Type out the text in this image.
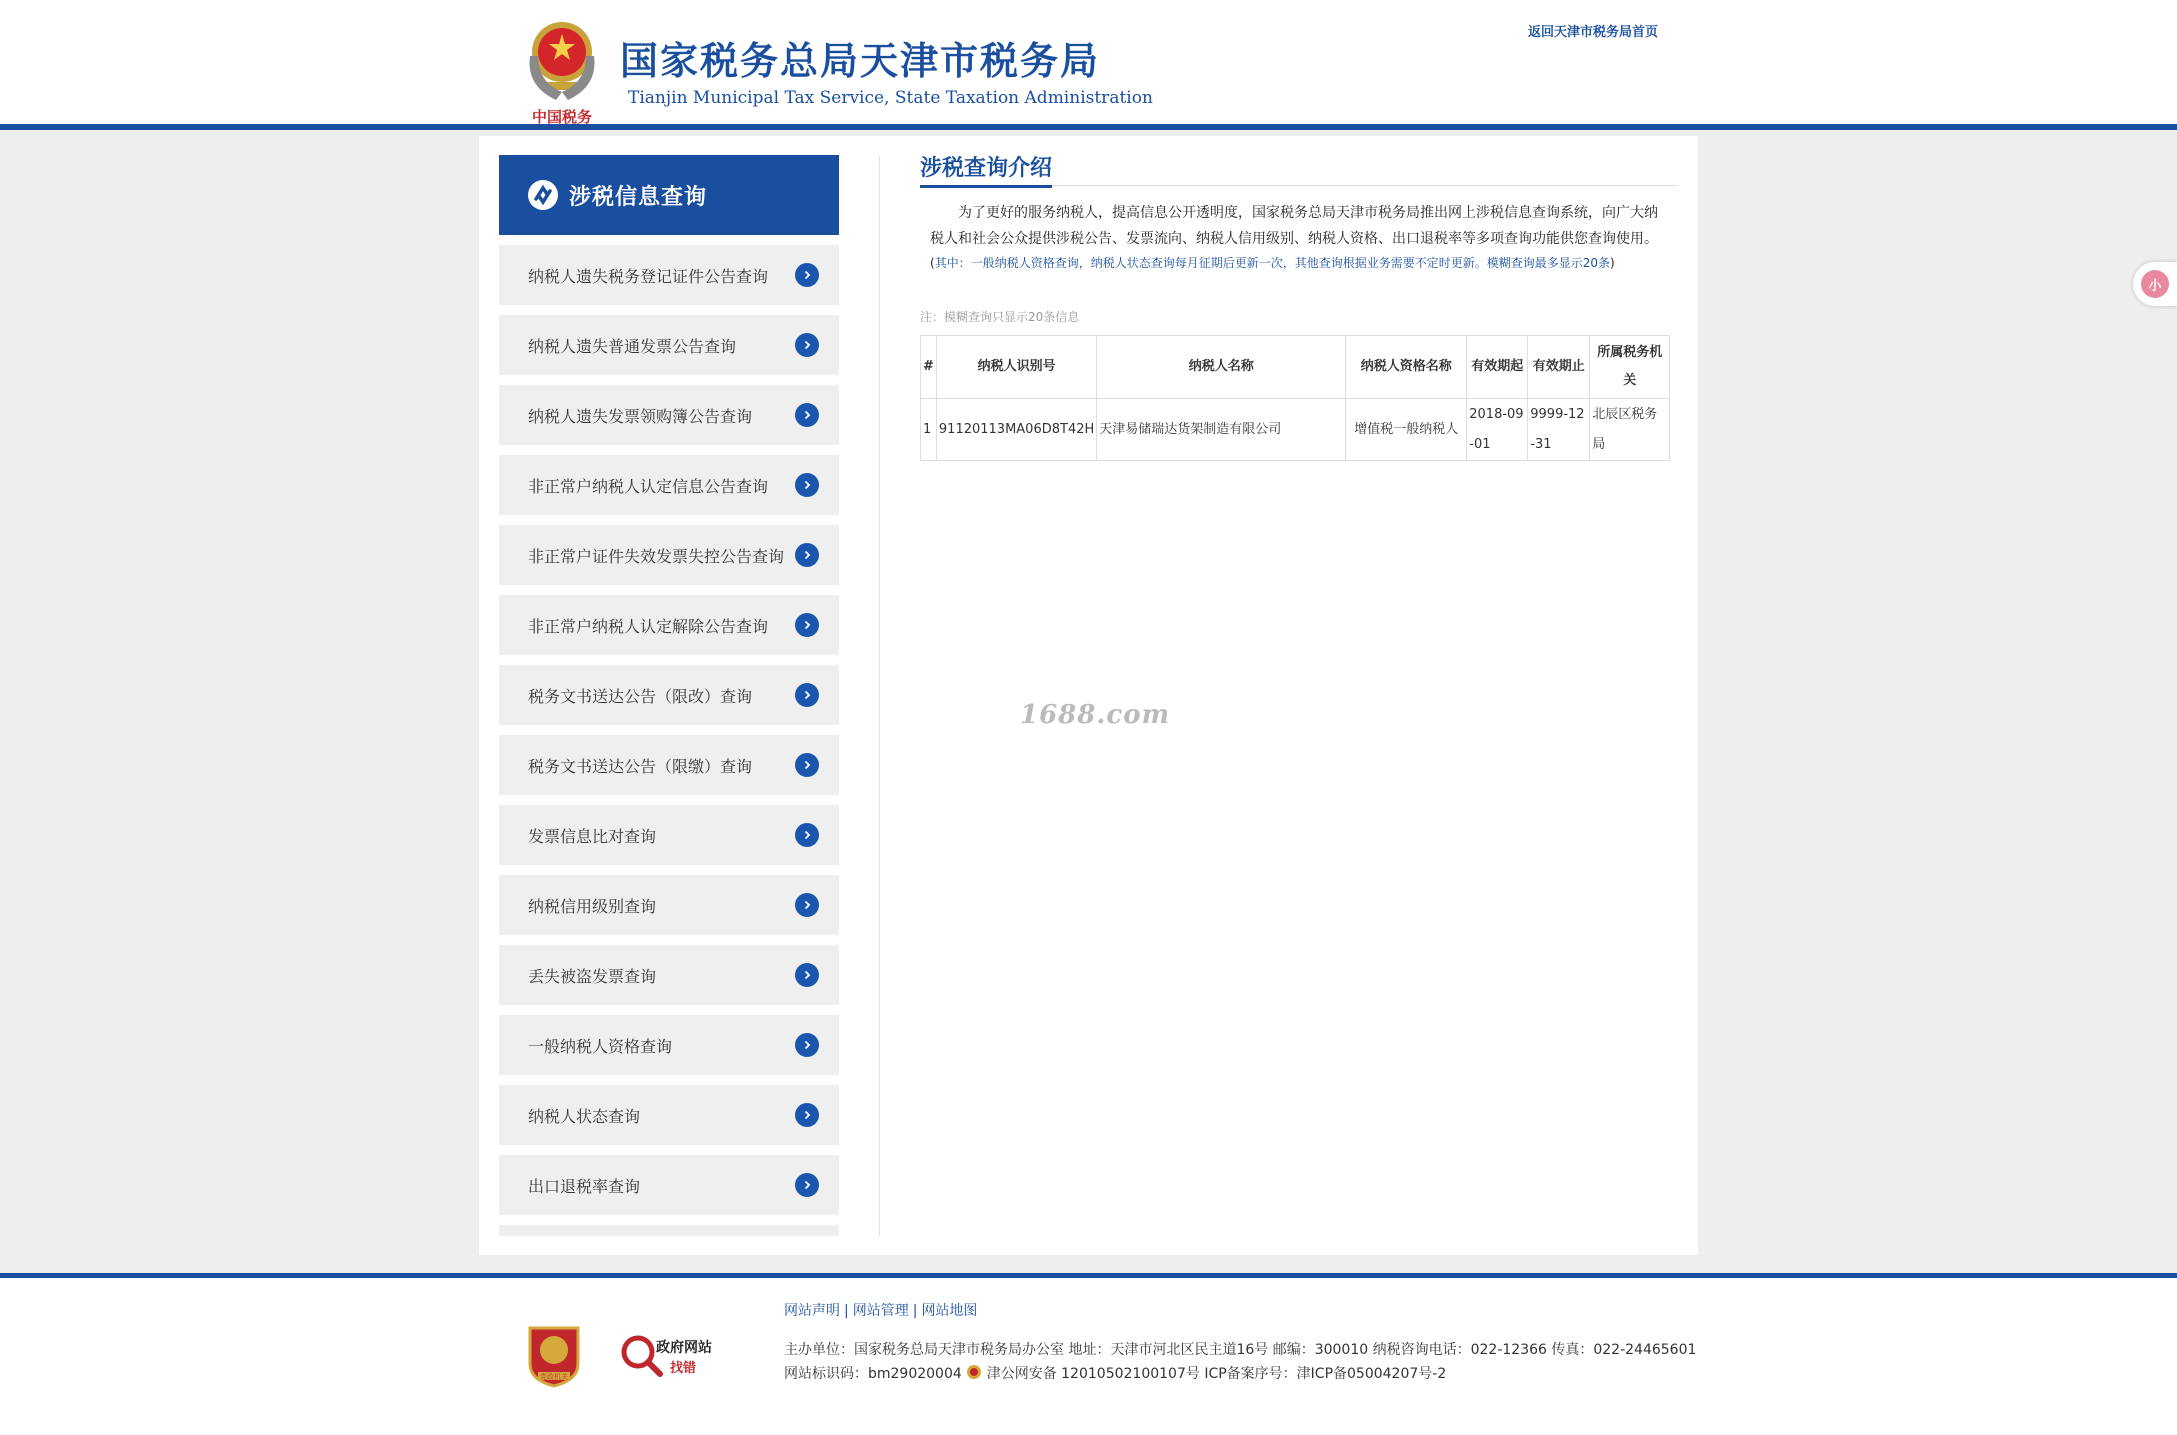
中国税务
国家税务总局天津市税务局
Tianjin Municipal Tax Service, State Taxation Administration
返回天津市税务局首页
涉税信息查询
纳税人遗失税务登记证件公告查询
纳税人遗失普通发票公告查询
纳税人遗失发票领购簿公告查询
非正常户纳税人认定信息公告查询
非正常户证件失效发票失控公告查询
非正常户纳税人认定解除公告查询
税务文书送达公告（限改）查询
税务文书送达公告（限缴）查询
发票信息比对查询
纳税信用级别查询
丢失被盗发票查询
一般纳税人资格查询
纳税人状态查询
出口退税率查询
涉税查询介绍

为了更好的服务纳税人，提高信息公开透明度，国家税务总局天津市税务局推出网上涉税信息查询系统，向广大纳税人和社会公众提供涉税公告、发票流向、纳税人信用级别、纳税人资格、出口退税率等多项查询功能供您查询使用。

(其中：一般纳税人资格查询，纳税人状态查询每月征期后更新一次，其他查询根据业务需要不定时更新。模糊查询最多显示20条)

注：模糊查询只显示20条信息

#	纳税人识别号	纳税人名称	纳税人资格名称	有效期起	有效期止	所属税务机关
1	91120113MA06D8T42H	天津易储瑞达货架制造有限公司	增值税一般纳税人	2018-09-01	9999-12-31	北辰区税务局
1688.com
小
党政机关
政府网站
找错
网站声明 | 网站管理 | 网站地图
主办单位：国家税务总局天津市税务局办公室 地址：天津市河北区民主道16号 邮编：300010 纳税咨询电话：022-12366 传真：022-24465601
网站标识码：bm29020004 津公网安备 12010502100107号 ICP备案序号：津ICP备05004207号-2
